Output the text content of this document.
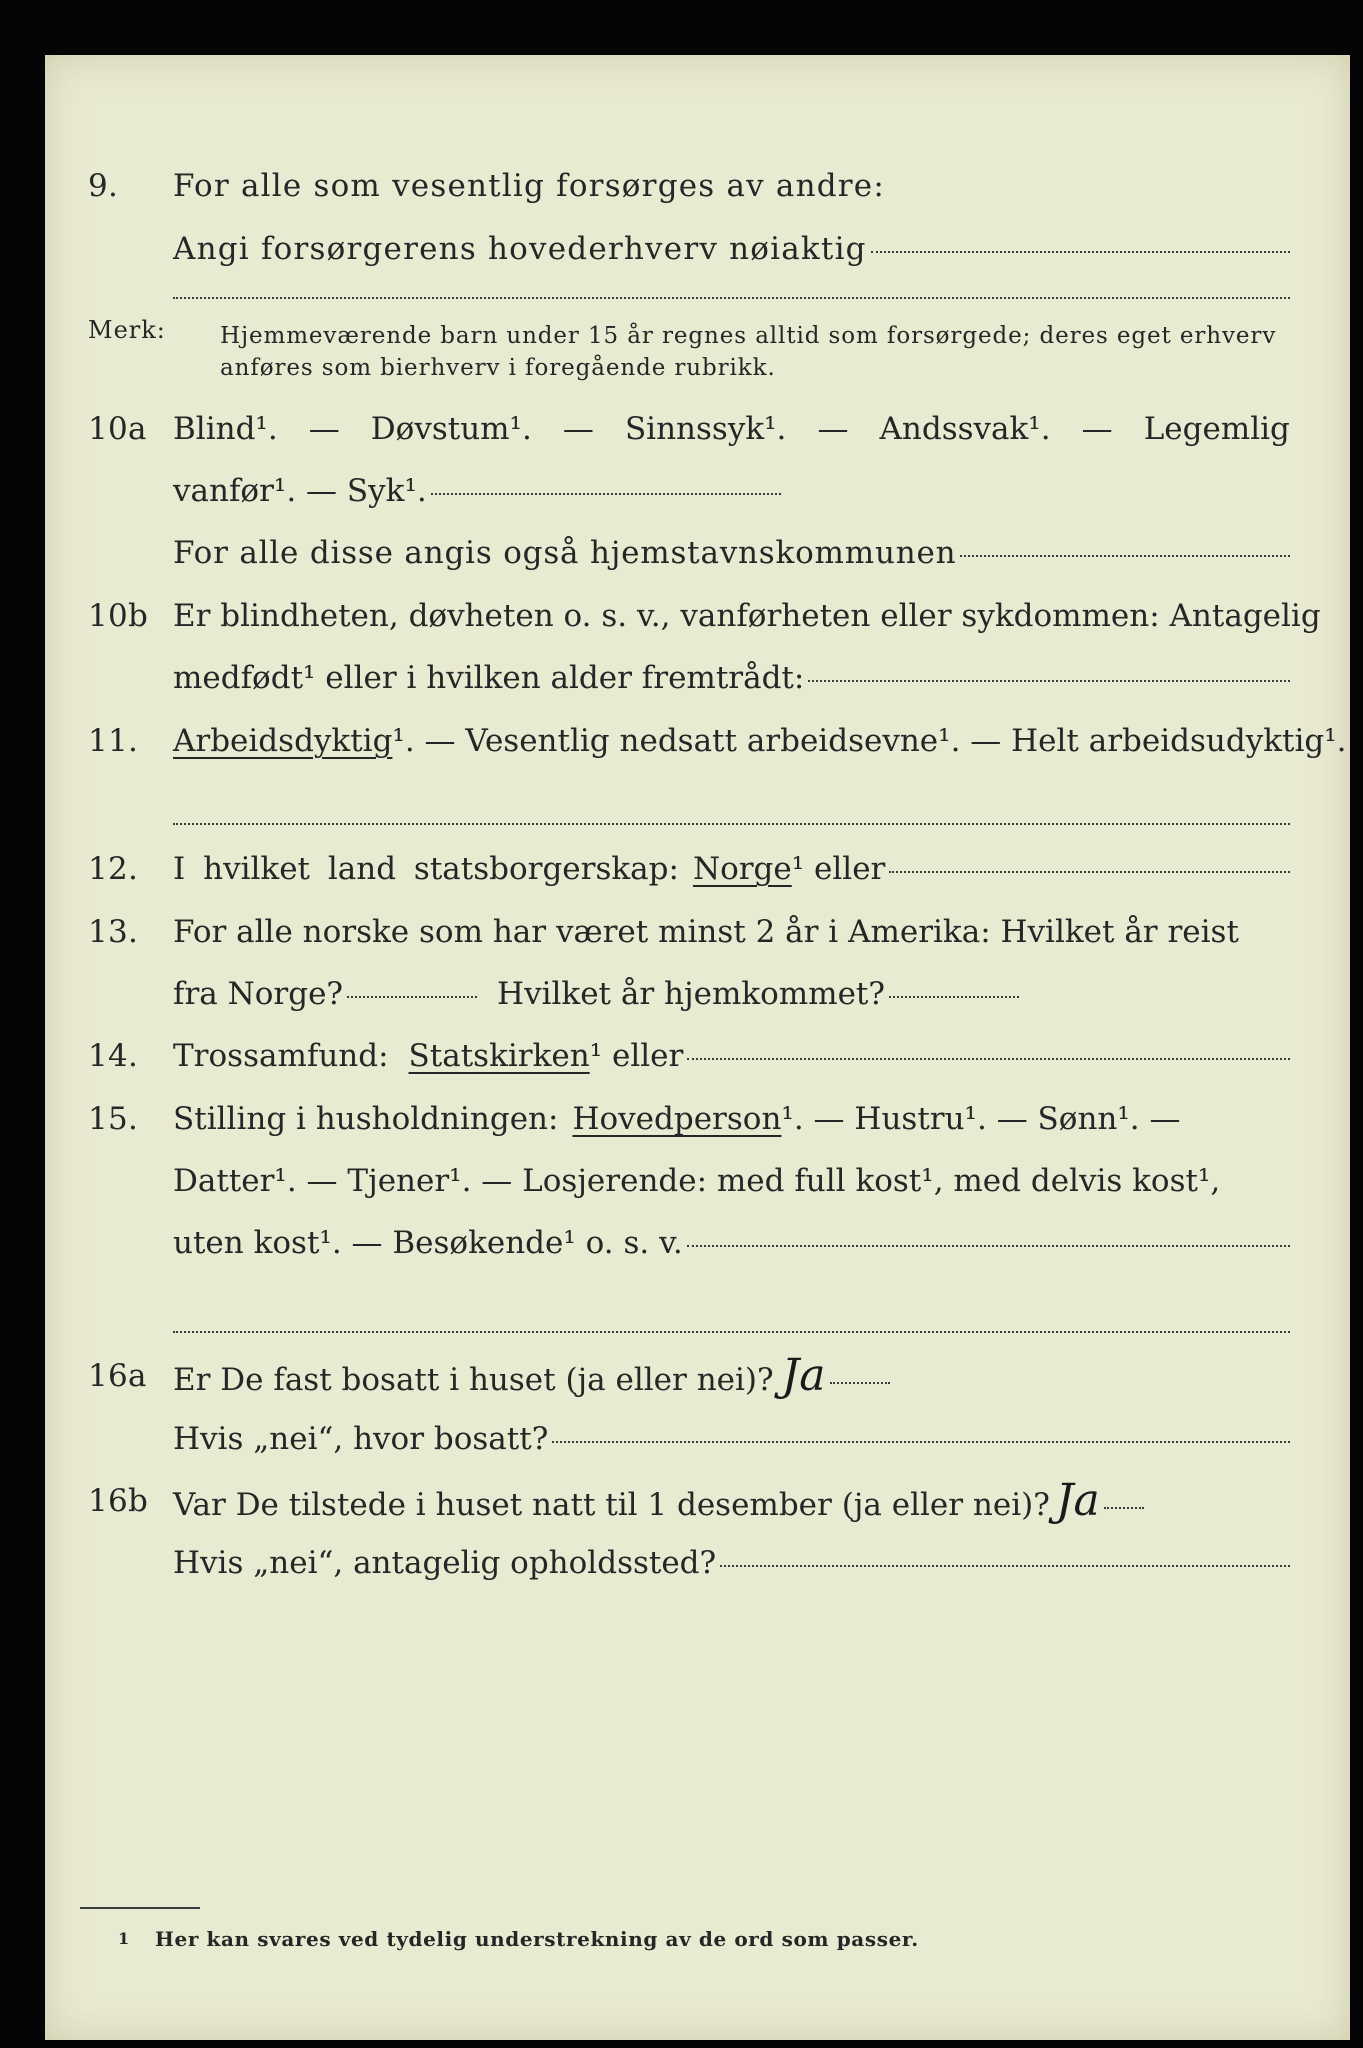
9. For alle som vesentlig forsørges av andre:
Angi forsørgerens hovederhverv nøiaktig
Merk: Hjemmeværende barn under 15 år regnes alltid som forsørgede; deres eget erhverv
anføres som bierhverv i foregående rubrikk.
10a Blind¹. — Døvstum¹. — Sinnssyk¹. — Andssvak¹. — Legemlig
vanfør¹. — Syk¹.
For alle disse angis også hjemstavnskommunen
10b Er blindheten, døvheten o. s. v., vanførheten eller sykdommen: Antagelig
medfødt¹ eller i hvilken alder fremtrådt:
11. Arbeidsdyktig ¹. — Vesentlig nedsatt arbeidsevne¹. — Helt arbeidsudyktig¹.
12. I hvilket land statsborgerskap: Norge ¹ eller
13. For alle norske som har været minst 2 år i Amerika: Hvilket år reist
fra Norge?	Hvilket år hjemkommet?
14. Trossamfund: Statskirken ¹ eller
15. Stilling i husholdningen: Hovedperson ¹. — Hustru¹. — Sønn¹. —
Datter¹. — Tjener¹. — Losjerende: med full kost¹, med delvis kost¹,
uten kost¹. — Besøkende¹ o. s. v.
16a Er De fast bosatt i huset (ja eller nei)? Ja
Hvis „nei“, hvor bosatt?
16b Var De tilstede i huset natt til 1 desember (ja eller nei)? Ja
Hvis „nei“, antagelig opholdssted?
1 Her kan svares ved tydelig understrekning av de ord som passer.
